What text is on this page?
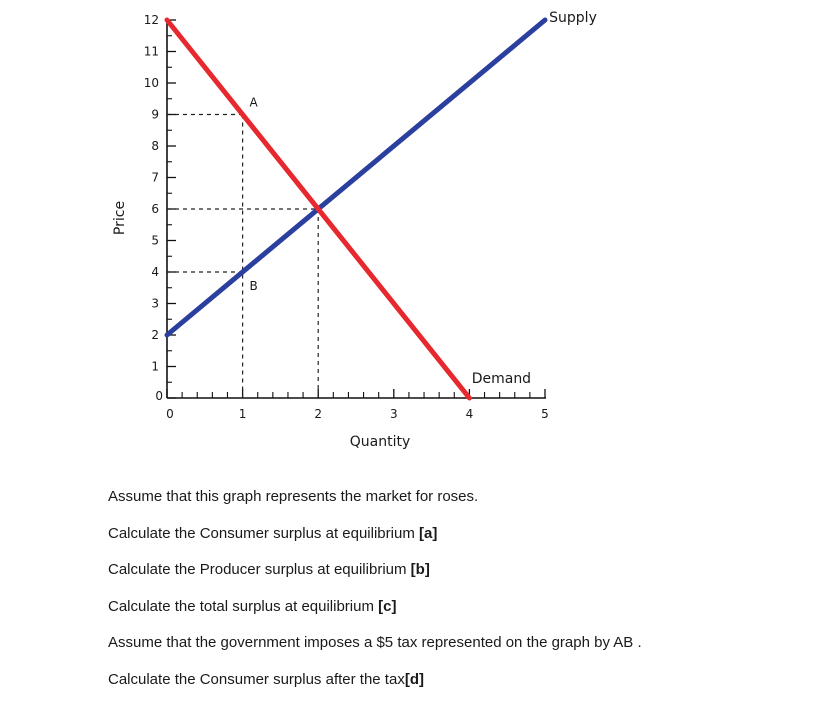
0
1
2
3
4
5
6
7
8
9
10
11
12
0	1	2	3	4	5
Quantity
Price
Supply
Demand
A
B
Assume that this graph represents the market for roses.
Calculate the Consumer surplus at equilibrium [a]
Calculate the Producer surplus at equilibrium [b]
Calculate the total surplus at equilibrium [c]
Assume that the government imposes a $5 tax represented on the graph by AB .
Calculate the Consumer surplus after the tax[d]
